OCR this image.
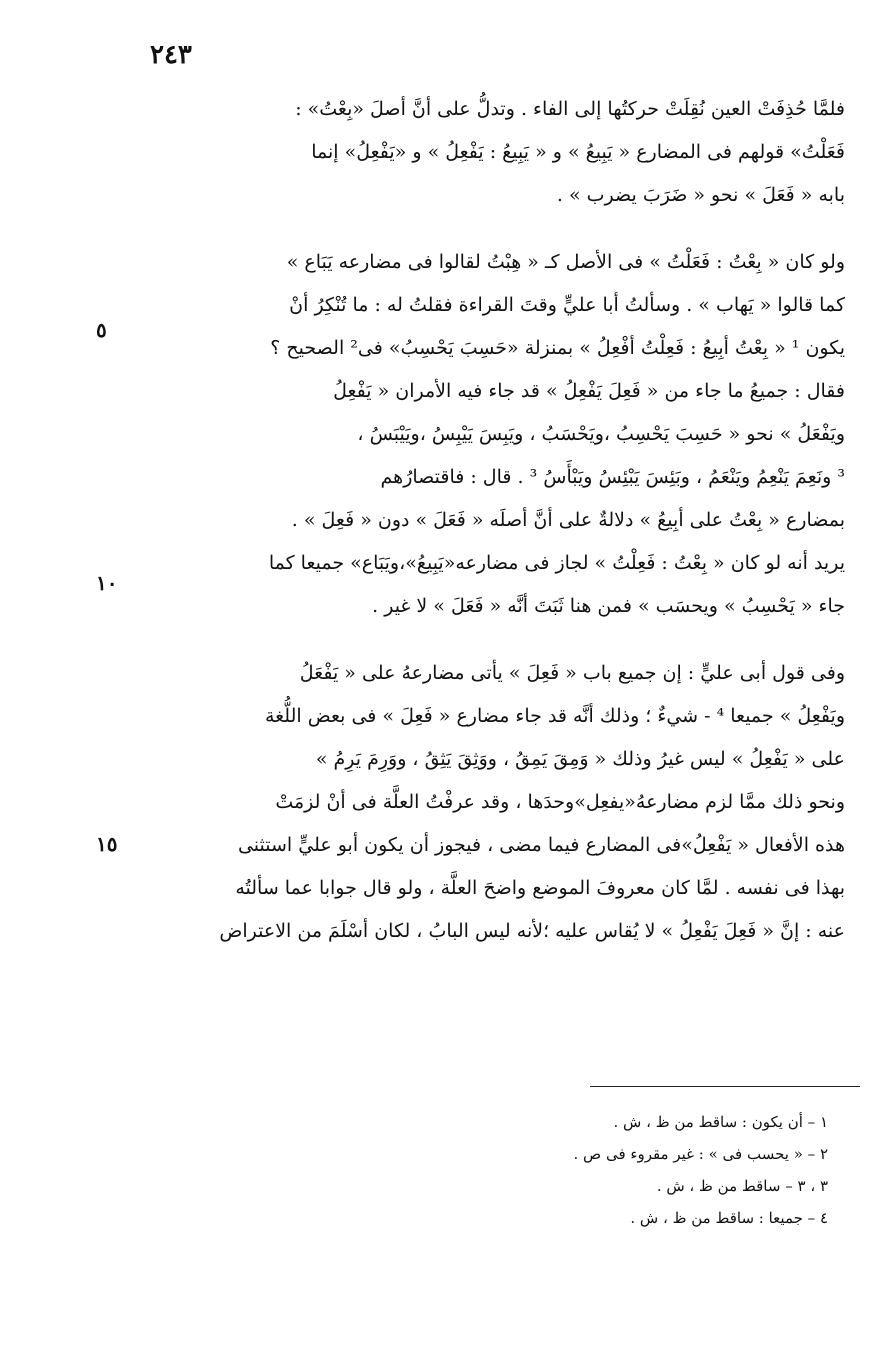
٢٤٣
فلمَّا حُذِفَتْ العين نُقِلَتْ حركتُها إلى الفاء . وتدلُّ على أنَّ أصلَ «بِعْتُ» :
فَعَلْتُ» قولهم فى المضارع « يَبِيعُ » و « يَبِيعُ : يَفْعِلُ » و «يَفْعِلُ» إنما
بابه « فَعَلَ » نحو « ضَرَبَ يضرب » .
ولو كان « بِعْتُ : فَعَلْتُ » فى الأصل كـ « هِبْتُ لقالوا فى مضارعه يَبَاع »
كما قالوا « يَهاب » . وسألتُ أبا عليٍّ وقتَ القراءة فقلتُ له : ما تُنْكِرُ أنْ
يكون ¹ « بِعْتُ أبِيعُ : فَعِلْتُ أفْعِلُ » بمنزلة «حَسِبَ يَحْسِبُ» فى² الصحيح ؟
فقال : جميعُ ما جاء من « فَعِلَ يَفْعِلُ » قد جاء فيه الأمران « يَفْعِلُ
ويَفْعَلُ » نحو « حَسِبَ يَحْسِبُ ،ويَحْسَبُ ، ويَبِسَ يَيْبِسُ ،ويَيْبَسُ ،
³ ونَعِمَ يَنْعِمُ ويَنْعَمُ ، وبَئِسَ يَبْئِسُ ويَبْأَسُ ³ . قال : فاقتصارُهم
بمضارع « بِعْتُ على أبِيعُ » دلالةٌ على أنَّ أصلَه « فَعَلَ » دون « فَعِلَ » .
يريد أنه لو كان « بِعْتُ : فَعِلْتُ » لجاز فى مضارعه«يَبِيعُ»،ويَبَاع» جميعا كما
جاء « يَحْسِبُ » ويحسَب » فمن هنا ثَبَتَ أنَّه « فَعَلَ » لا غير .
وفى قول أبى عليٍّ : إن جميع باب « فَعِلَ » يأتى مضارعهُ على « يَفْعَلُ
ويَفْعِلُ » جميعا ⁴ - شيءٌ ؛ وذلك أنَّه قد جاء مضارع « فَعِلَ » فى بعض اللُّغة
على « يَفْعِلُ » ليس غيرُ وذلك « وَمِقَ يَمِقُ ، ووَثِقَ يَثِقُ ، ووَرِمَ يَرِمُ »
ونحو ذلك ممَّا لزم مضارعهُ«يفعِل»وحدَها ، وقد عرفْتُ العلَّة فى أنْ لزمَتْ
هذه الأفعال « يَفْعِلُ»فى المضارع فيما مضى ، فيجوز أن يكون أبو عليٍّ استثنى
بهذا فى نفسه . لمَّا كان معروفَ الموضع واضحَ العلَّة ، ولو قال جوابا عما سألتُه
عنه : إنَّ « فَعِلَ يَفْعِلُ » لا يُقاس عليه ؛لأنه ليس البابُ ، لكان أسْلَمَ من الاعتراض
٥
١٠
١٥
١ – أن يكون : ساقط من ظ ، ش .
٢ – « يحسب فى » : غير مقروء فى ص .
٣ ، ٣ – ساقط من ظ ، ش .
٤ – جميعا : ساقط من ظ ، ش .
